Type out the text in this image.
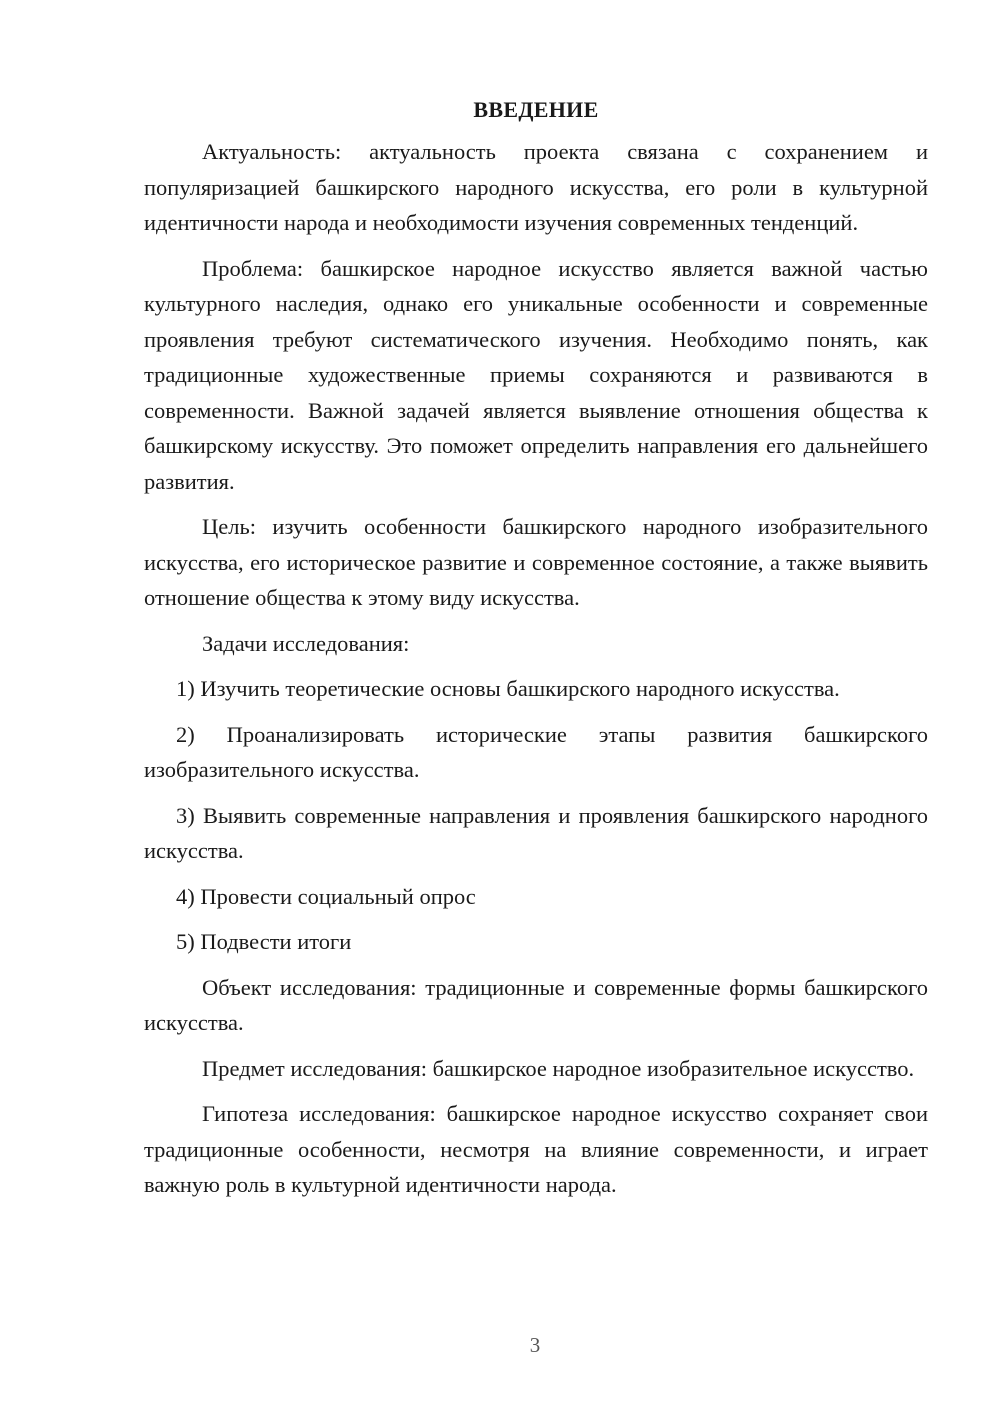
ВВЕДЕНИЕ

Актуальность: актуальность проекта связана с сохранением и популяризацией башкирского народного искусства, его роли в культурной идентичности народа и необходимости изучения современных тенденций.

Проблема: башкирское народное искусство является важной частью культурного наследия, однако его уникальные особенности и современные проявления требуют систематического изучения. Необходимо понять, как традиционные художественные приемы сохраняются и развиваются в современности. Важной задачей является выявление отношения общества к башкирскому искусству. Это поможет определить направления его дальнейшего развития.

Цель: изучить особенности башкирского народного изобразительного искусства, его историческое развитие и современное состояние, а также выявить отношение общества к этому виду искусства.

Задачи исследования:

1) Изучить теоретические основы башкирского народного искусства.

2) Проанализировать исторические этапы развития башкирского изобразительного искусства.

3) Выявить современные направления и проявления башкирского народного искусства.

4) Провести социальный опрос

5) Подвести итоги

Объект исследования: традиционные и современные формы башкирского искусства.

Предмет исследования: башкирское народное изобразительное искусство.

Гипотеза исследования: башкирское народное искусство сохраняет свои традиционные особенности, несмотря на влияние современности, и играет важную роль в культурной идентичности народа.

3
